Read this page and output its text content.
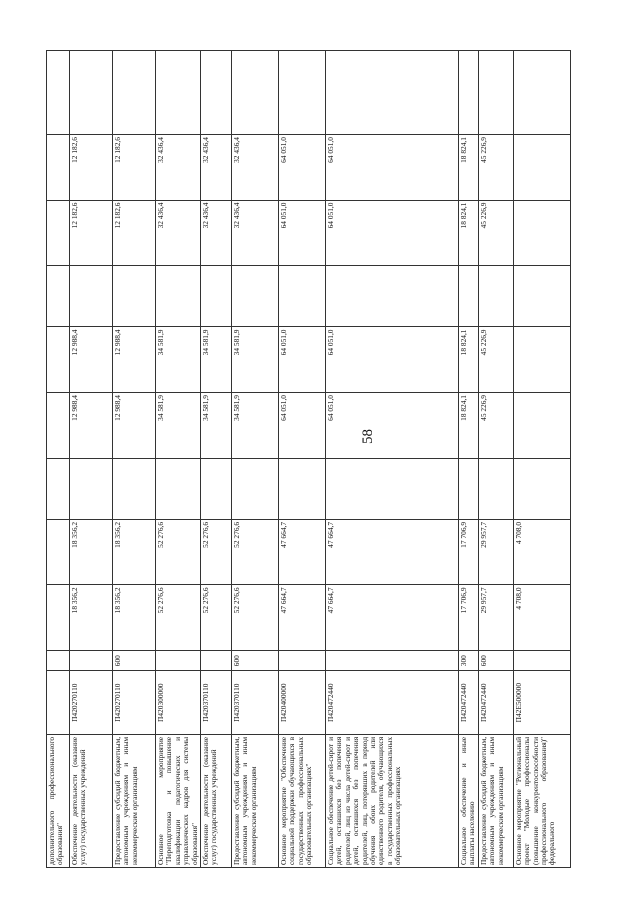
58
дополнительного профессионального образования"											
Обеспечение деятельности (оказание услуг) государственных учреждений	П420270110		18 356,2	18 356,2		12 988,4	12 988,4		12 182,6	12 182,6	
Предоставление субсидий бюджетным, автономным учреждениям и иным некоммерческим организациям	П420270110	600	18 356,2	18 356,2		12 988,4	12 988,4		12 182,6	12 182,6	
Основное мероприятие "Переподготовка и повышение квалификации педагогических и управленческих кадров для системы образования"	П420300000		52 276,6	52 276,6		34 581,9	34 581,9		32 436,4	32 436,4	
Обеспечение деятельности (оказание услуг) государственных учреждений	П420370110		52 276,6	52 276,6		34 581,9	34 581,9		32 436,4	32 436,4	
Предоставление субсидий бюджетным, автономным учреждениям и иным некоммерческим организациям	П420370110	600	52 276,6	52 276,6		34 581,9	34 581,9		32 436,4	32 436,4	
Основное мероприятие "Обеспечение социальной поддержки обучающихся в государственных профессиональных образовательных организациях"	П420400000		47 664,7	47 664,7		64 051,0	64 051,0		64 051,0	64 051,0	
Социальное обеспечение детей-сирот и детей, оставшихся без попечения родителей, лиц из числа детей-сирот и детей, оставшихся без попечения родителей, лиц, потерявших в период обучения обоих родителей или единственного родителя, обучающихся в государственных профессиональных образовательных организациях	П420472440		47 664,7	47 664,7		64 051,0	64 051,0		64 051,0	64 051,0	
Социальное обеспечение и иные выплаты населению	П420472440	300	17 706,9	17 706,9		18 824,1	18 824,1		18 824,1	18 824,1	
Предоставление субсидий бюджетным, автономным учреждениям и иным некоммерческим организациям	П420472440	600	29 957,7	29 957,7		45 226,9	45 226,9		45 226,9	45 226,9	
Основное мероприятие "Региональный проект "Молодые профессионалы (повышение конкурентоспособности профессионального образования)" федерального	П42E500000		4 708,0	4 708,0							
